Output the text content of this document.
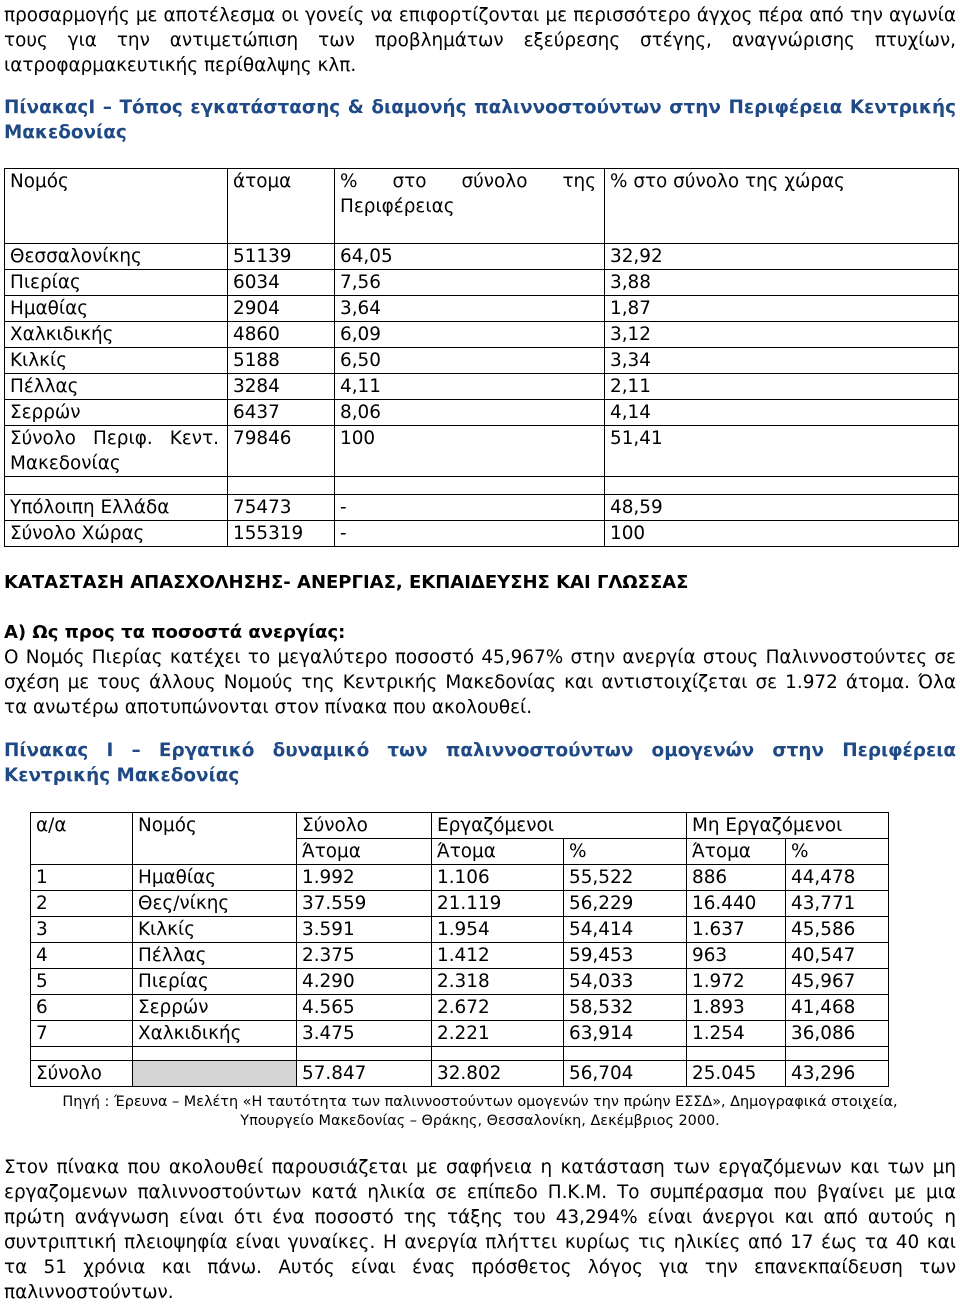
προσαρμογής με αποτέλεσμα οι γονείς να επιφορτίζονται με περισσότερο άγχος πέρα από την αγωνία τους για την αντιμετώπιση των προβλημάτων εξεύρεσης στέγης, αναγνώρισης πτυχίων, ιατροφαρμακευτικής περίθαλψης κλπ.

ΠίνακαςΙ – Τόπος εγκατάστασης & διαμονής παλιννοστούντων στην Περιφέρεια Κεντρικής Μακεδονίας

Νομός	άτομα	% στο σύνολο της Περιφέρειας	% στο σύνολο της χώρας
Θεσσαλονίκης	51139	64,05	32,92
Πιερίας	6034	7,56	3,88
Ημαθίας	2904	3,64	1,87
Χαλκιδικής	4860	6,09	3,12
Κιλκίς	5188	6,50	3,34
Πέλλας	3284	4,11	2,11
Σερρών	6437	8,06	4,14
Σύνολο Περιφ. Κεντ. Μακεδονίας	79846	100	51,41

Υπόλοιπη Ελλάδα	75473	-	48,59
Σύνολο Χώρας	155319	-	100

ΚΑΤΑΣΤΑΣΗ ΑΠΑΣΧΟΛΗΣΗΣ- ΑΝΕΡΓΙΑΣ, ΕΚΠΑΙΔΕΥΣΗΣ ΚΑΙ ΓΛΩΣΣΑΣ

Α) Ως προς τα ποσοστά ανεργίας:

Ο Νομός Πιερίας κατέχει το μεγαλύτερο ποσοστό 45,967% στην ανεργία στους Παλιννοστούντες σε σχέση με τους άλλους Νομούς της Κεντρικής Μακεδονίας και αντιστοιχίζεται σε 1.972 άτομα. Όλα τα ανωτέρω αποτυπώνονται στον πίνακα που ακολουθεί.

Πίνακας Ι – Εργατικό δυναμικό των παλιννοστούντων ομογενών στην Περιφέρεια Κεντρικής Μακεδονίας

α/α	Νομός	Σύνολο	Εργαζόμενοι		Μη Εργαζόμενοι	
		Άτομα	Άτομα	%	Άτομα	%
1	Ημαθίας	1.992	1.106	55,522	886	44,478
2	Θες/νίκης	37.559	21.119	56,229	16.440	43,771
3	Κιλκίς	3.591	1.954	54,414	1.637	45,586
4	Πέλλας	2.375	1.412	59,453	963	40,547
5	Πιερίας	4.290	2.318	54,033	1.972	45,967
6	Σερρών	4.565	2.672	58,532	1.893	41,468
7	Χαλκιδικής	3.475	2.221	63,914	1.254	36,086

Σύνολο		57.847	32.802	56,704	25.045	43,296

Πηγή : Έρευνα – Μελέτη «Η ταυτότητα των παλιννοστούντων ομογενών την πρώην ΕΣΣΔ», Δημογραφικά στοιχεία,

Υπουργείο Μακεδονίας – Θράκης, Θεσσαλονίκη, Δεκέμβριος 2000.

Στον πίνακα που ακολουθεί παρουσιάζεται με σαφήνεια η κατάσταση των εργαζόμενων και των μη εργαζομενων παλιννοστούντων κατά ηλικία σε επίπεδο Π.Κ.Μ. Το συμπέρασμα που βγαίνει με μια πρώτη ανάγνωση είναι ότι ένα ποσοστό της τάξης του 43,294% είναι άνεργοι και από αυτούς η συντριπτική πλειοψηφία είναι γυναίκες. Η ανεργία πλήττει κυρίως τις ηλικίες από 17 έως τα 40 και τα 51 χρόνια και πάνω. Αυτός είναι ένας πρόσθετος λόγος για την επανεκπαίδευση των παλιννοστούντων.
